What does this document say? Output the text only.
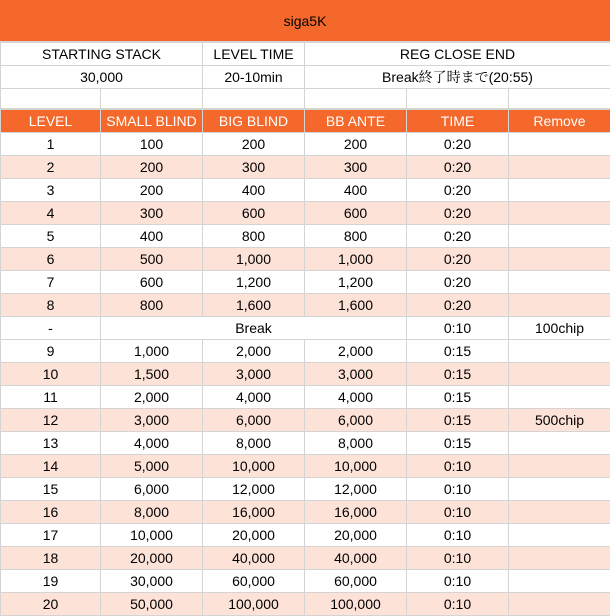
siga5K
STARTING STACK	LEVEL TIME	REG CLOSE END
30,000	20-10min	Break終了時まで(20:55)

LEVEL	SMALL BLIND	BIG BLIND	BB ANTE	TIME	Remove
1	100	200	200	0:20	
2	200	300	300	0:20	
3	200	400	400	0:20	
4	300	600	600	0:20	
5	400	800	800	0:20	
6	500	1,000	1,000	0:20	
7	600	1,200	1,200	0:20	
8	800	1,600	1,600	0:20	
-	Break			0:10	100chip
9	1,000	2,000	2,000	0:15	
10	1,500	3,000	3,000	0:15	
11	2,000	4,000	4,000	0:15	
12	3,000	6,000	6,000	0:15	500chip
13	4,000	8,000	8,000	0:15	
14	5,000	10,000	10,000	0:10	
15	6,000	12,000	12,000	0:10	
16	8,000	16,000	16,000	0:10	
17	10,000	20,000	20,000	0:10	
18	20,000	40,000	40,000	0:10	
19	30,000	60,000	60,000	0:10	
20	50,000	100,000	100,000	0:10	
